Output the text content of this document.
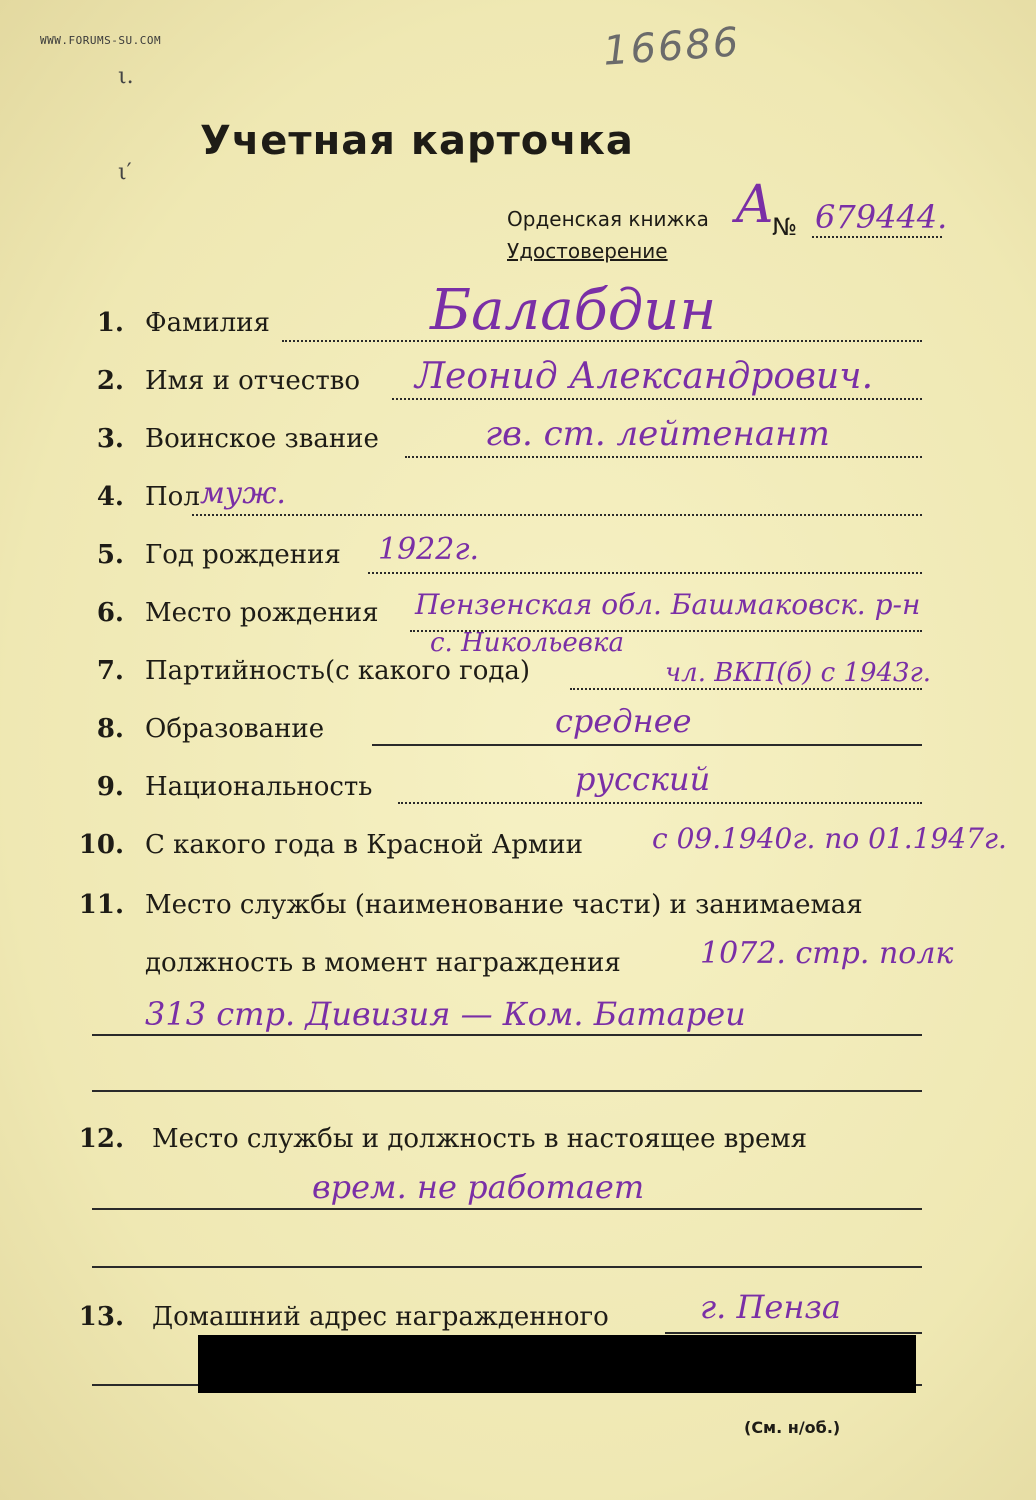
WWW.FORUMS-SU.COM	16686
ι.
ι′
Учетная карточка
Орденская книжка
Удостоверение
А
№ 679444.
1. Фамилия	Балабдин
2. Имя и отчество Леонид Александрович.
3. Воинское звание	гв. ст. лейтенант
4. Пол муж.
5. Год рождения 1922г.
6. Место рождения Пензенская обл. Башмаковск. р-н
с. Никольевка
7. Партийность(с какого года)	чл. ВКП(б) с 1943г.
8. Образование	среднее
9. Национальность	русский
10. С какого года в Красной Армии с 09.1940г. по 01.1947г.
11. Место службы (наименование части) и занимаемая
должность в момент награждения	1072. стр. полк
313 стр. Дивизия — Ком. Батареи
12. Место службы и должность в настоящее время
врем. не работает
13. Домашний адрес награжденного	г. Пенза
(См. н/об.)
